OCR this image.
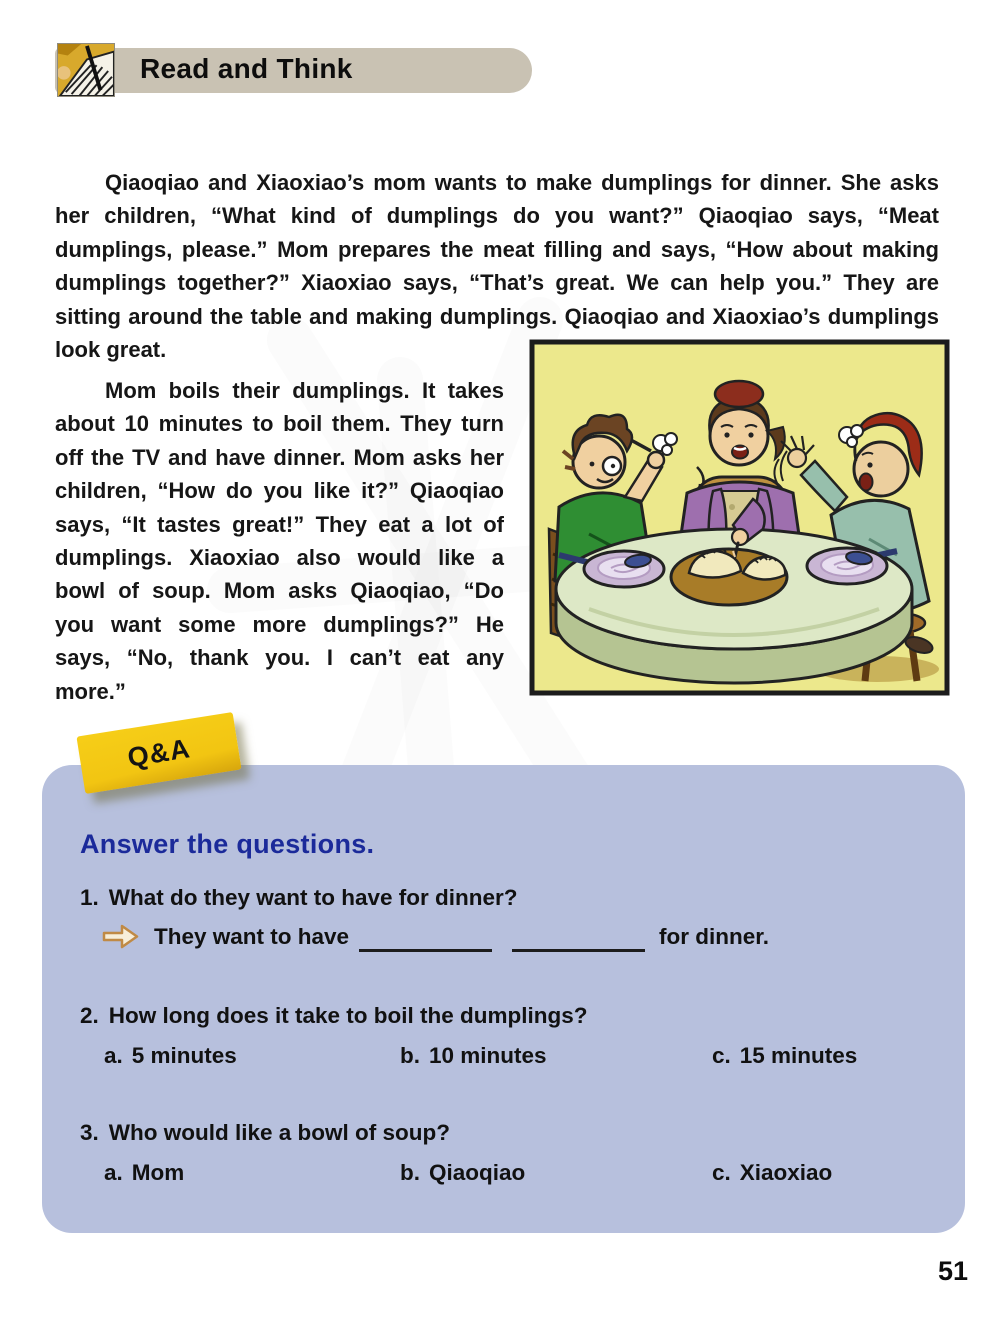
Read and Think

Qiaoqiao and Xiaoxiao’s mom wants to make dumplings for dinner. She asks her children, “What kind of dumplings do you want?” Qiaoqiao says, “Meat dumplings, please.” Mom prepares the meat filling and says, “How about making dumplings together?” Xiaoxiao says, “That’s great. We can help you.” They are sitting around the table and making dumplings. Qiaoqiao and Xiaoxiao’s dumplings look great.

Mom boils their dumplings. It takes about 10 minutes to boil them. They turn off the TV and have dinner. Mom asks her children, “How do you like it?” Qiaoqiao says, “It tastes great!” They eat a lot of dumplings. Xiaoxiao also would like a bowl of soup. Mom asks Qiaoqiao, “Do you want some more dumplings?” He says, “No, thank you. I can’t eat any more.”

Q&A
Answer the questions.
1. What do they want to have for dinner?
They want to have	for dinner.
2. How long does it take to boil the dumplings?
a. 5 minutes	b. 10 minutes	c. 15 minutes
3. Who would like a bowl of soup?
a. Mom	b. Qiaoqiao	c. Xiaoxiao
51
